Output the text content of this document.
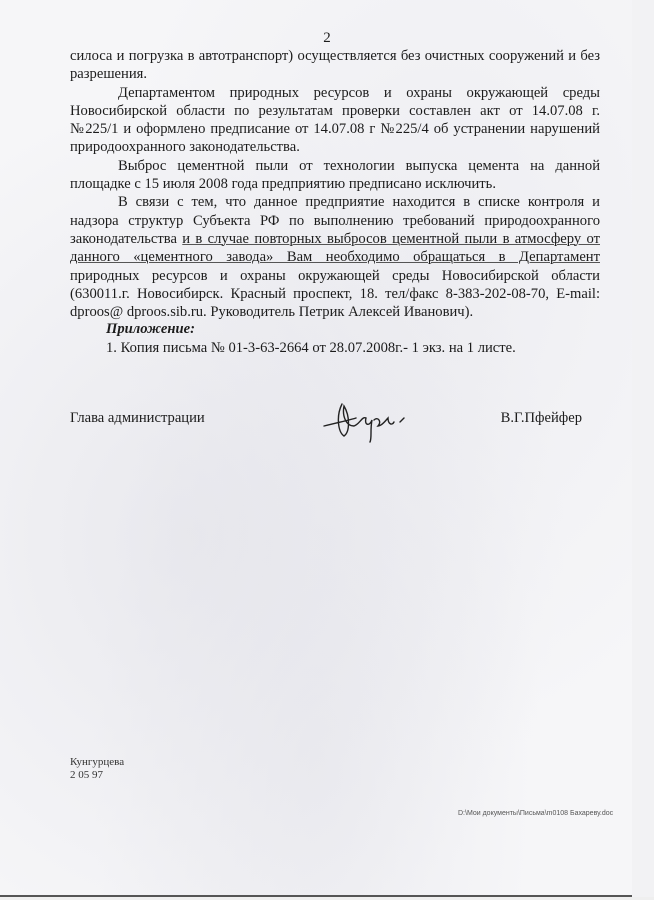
2

силоса и погрузка в автотранспорт) осуществляется без очистных сооружений и без разрешения.

Департаментом природных ресурсов и охраны окружающей среды Новосибирской области по результатам проверки составлен акт от 14.07.08 г. №225/1 и оформлено предписание от 14.07.08 г №225/4 об устранении нарушений природоохранного законодательства.

Выброс цементной пыли от технологии выпуска цемента на данной площадке с 15 июля 2008 года предприятию предписано исключить.

В связи с тем, что данное предприятие находится в списке контроля и надзора структур Субъекта РФ по выполнению требований природоохранного законодательства и в случае повторных выбросов цементной пыли в атмосферу от данного «цементного завода» Вам необходимо обращаться в Департамент природных ресурсов и охраны окружающей среды Новосибирской области (630011.г. Новосибирск. Красный проспект, 18. тел/факс 8-383-202-08-70, E-mail: dproos@ dproos.sib.ru. Руководитель Петрик Алексей Иванович).

Приложение:
1. Копия письма № 01-3-63-2664 от 28.07.2008г.- 1 экз. на 1 листе.
Глава администрации	В.Г.Пфейфер
Кунгурцева
2 05 97
D:\Мои документы\Письма\m0108 Бахареву.doc
